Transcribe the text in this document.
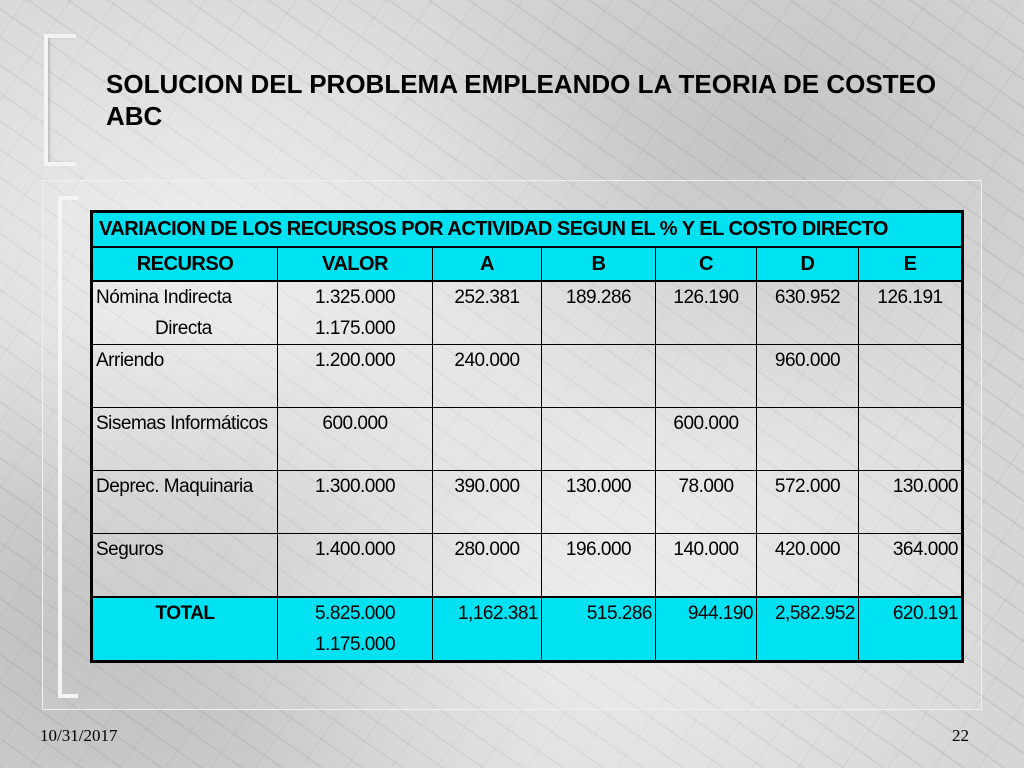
SOLUCION DEL PROBLEMA EMPLEANDO LA TEORIA DE COSTEO ABC
VARIACION DE LOS RECURSOS POR ACTIVIDAD SEGUN EL % Y EL COSTO DIRECTO						
RECURSO	VALOR	A	B	C	D	E
Nómina Indirecta	1.325.000	252.381	189.286	126.190	630.952	126.191
Directa	1.175.000					
Arriendo	1.200.000	240.000			960.000	

Sisemas Informáticos	600.000			600.000		

Deprec. Maquinaria	1.300.000	390.000	130.000	78.000	572.000	130.000

Seguros	1.400.000	280.000	196.000	140.000	420.000	364.000

TOTAL	5.825.000	1,162.381	515.286	944.190	2,582.952	620.191
	1.175.000					
10/31/2017	22
